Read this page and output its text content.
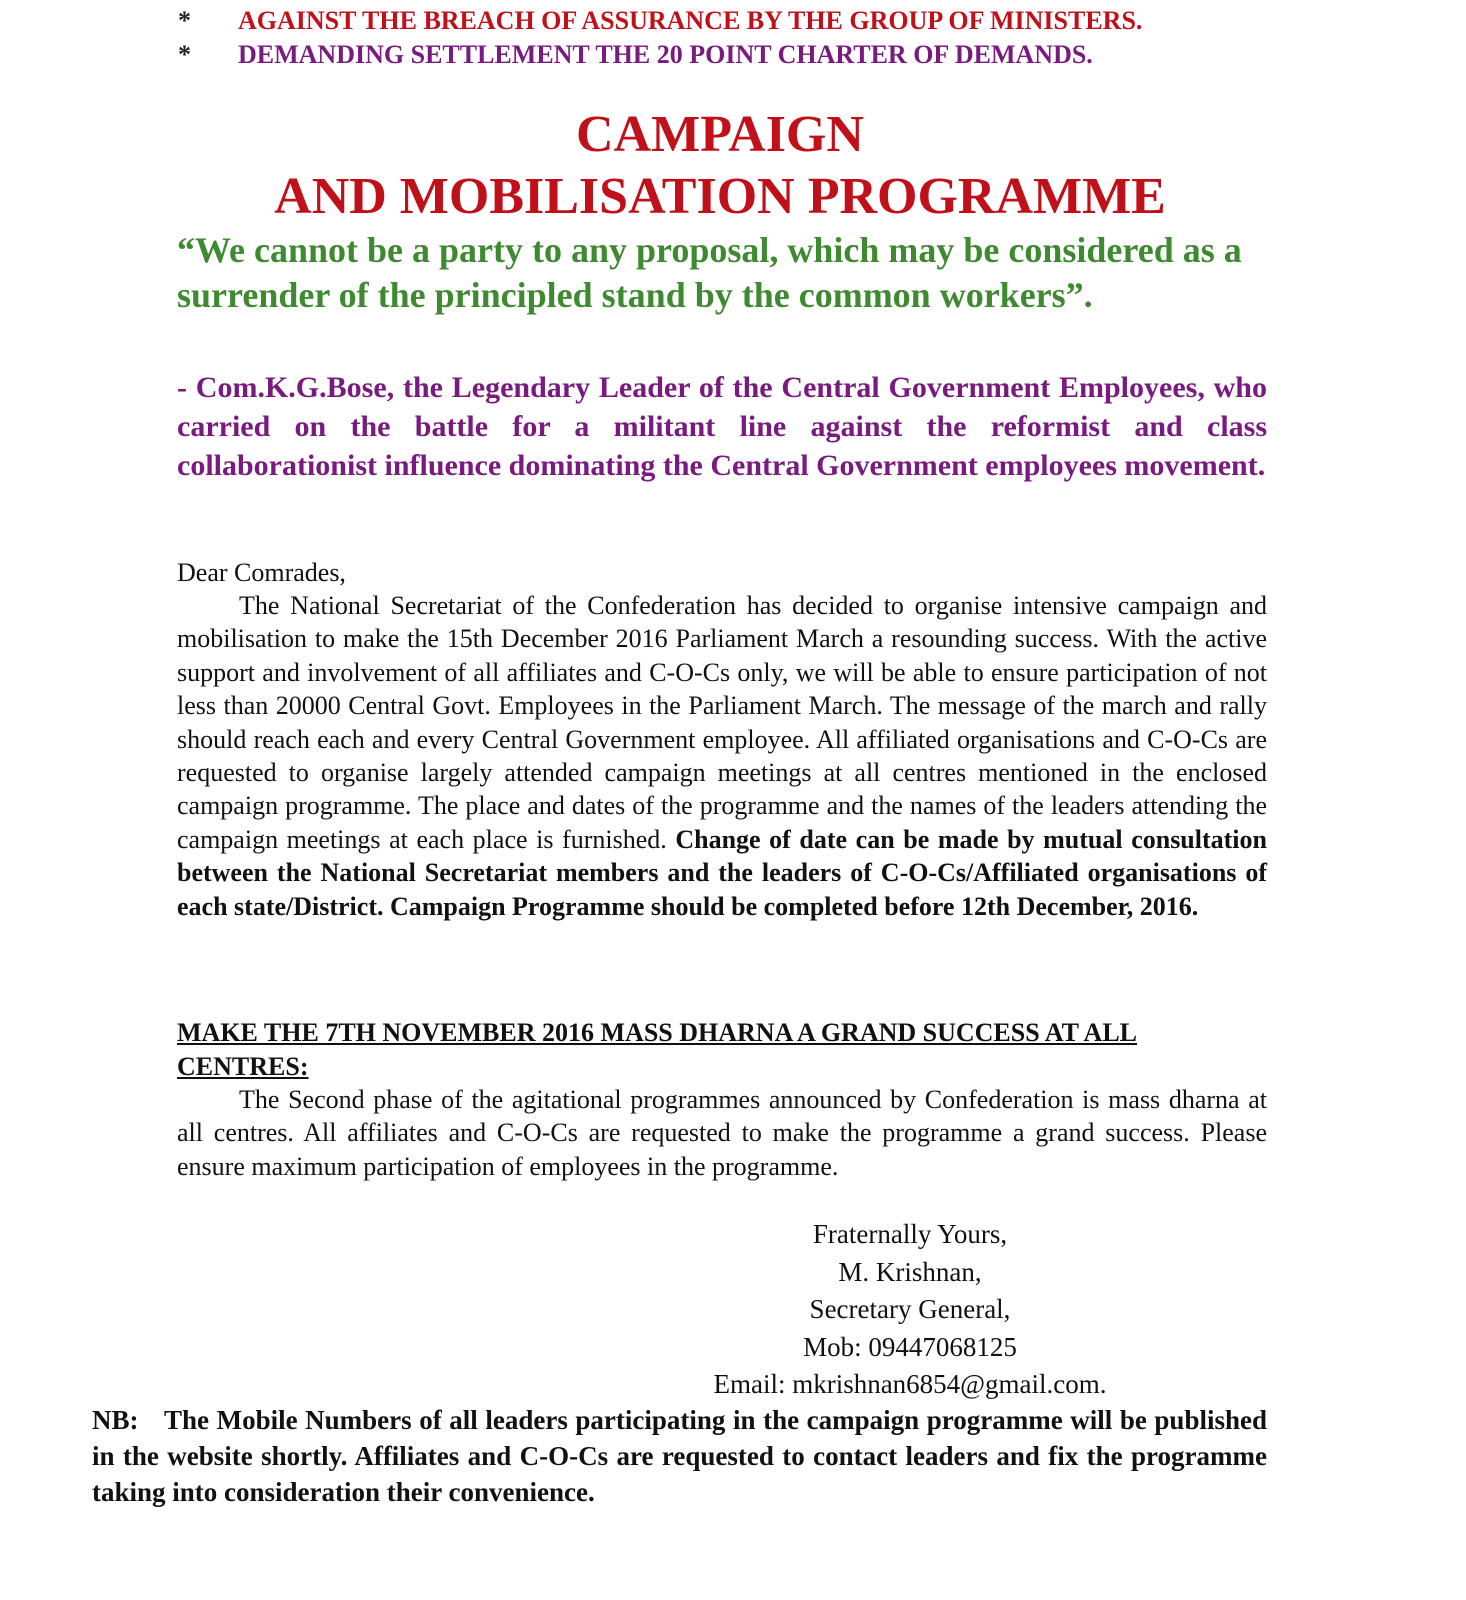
* AGAINST THE BREACH OF ASSURANCE BY THE GROUP OF MINISTERS.
* DEMANDING SETTLEMENT THE 20 POINT CHARTER OF DEMANDS.
CAMPAIGN
AND MOBILISATION PROGRAMME
“We cannot be a party to any proposal, which may be considered as a surrender of the principled stand by the common workers”.
- Com.K.G.Bose, the Legendary Leader of the Central Government Employees, who carried on the battle for a militant line against the reformist and class collaborationist influence dominating the Central Government employees movement.
Dear Comrades,
The National Secretariat of the Confederation has decided to organise intensive campaign and mobilisation to make the 15th December 2016 Parliament March a resounding success. With the active support and involvement of all affiliates and C-O-Cs only, we will be able to ensure participation of not less than 20000 Central Govt. Employees in the Parliament March. The message of the march and rally should reach each and every Central Government employee. All affiliated organisations and C-O-Cs are requested to organise largely attended campaign meetings at all centres mentioned in the enclosed campaign programme. The place and dates of the programme and the names of the leaders attending the campaign meetings at each place is furnished. Change of date can be made by mutual consultation between the National Secretariat members and the leaders of C-O-Cs/Affiliated organisations of each state/District. Campaign Programme should be completed before 12th December, 2016.
MAKE THE 7TH NOVEMBER 2016 MASS DHARNA A GRAND SUCCESS AT ALL CENTRES:
The Second phase of the agitational programmes announced by Confederation is mass dharna at all centres. All affiliates and C-O-Cs are requested to make the programme a grand success. Please ensure maximum participation of employees in the programme.
Fraternally Yours,
M. Krishnan,
Secretary General,
Mob: 09447068125
Email: mkrishnan6854@gmail.com.
NB: The Mobile Numbers of all leaders participating in the campaign programme will be published in the website shortly. Affiliates and C-O-Cs are requested to contact leaders and fix the programme taking into consideration their convenience.
